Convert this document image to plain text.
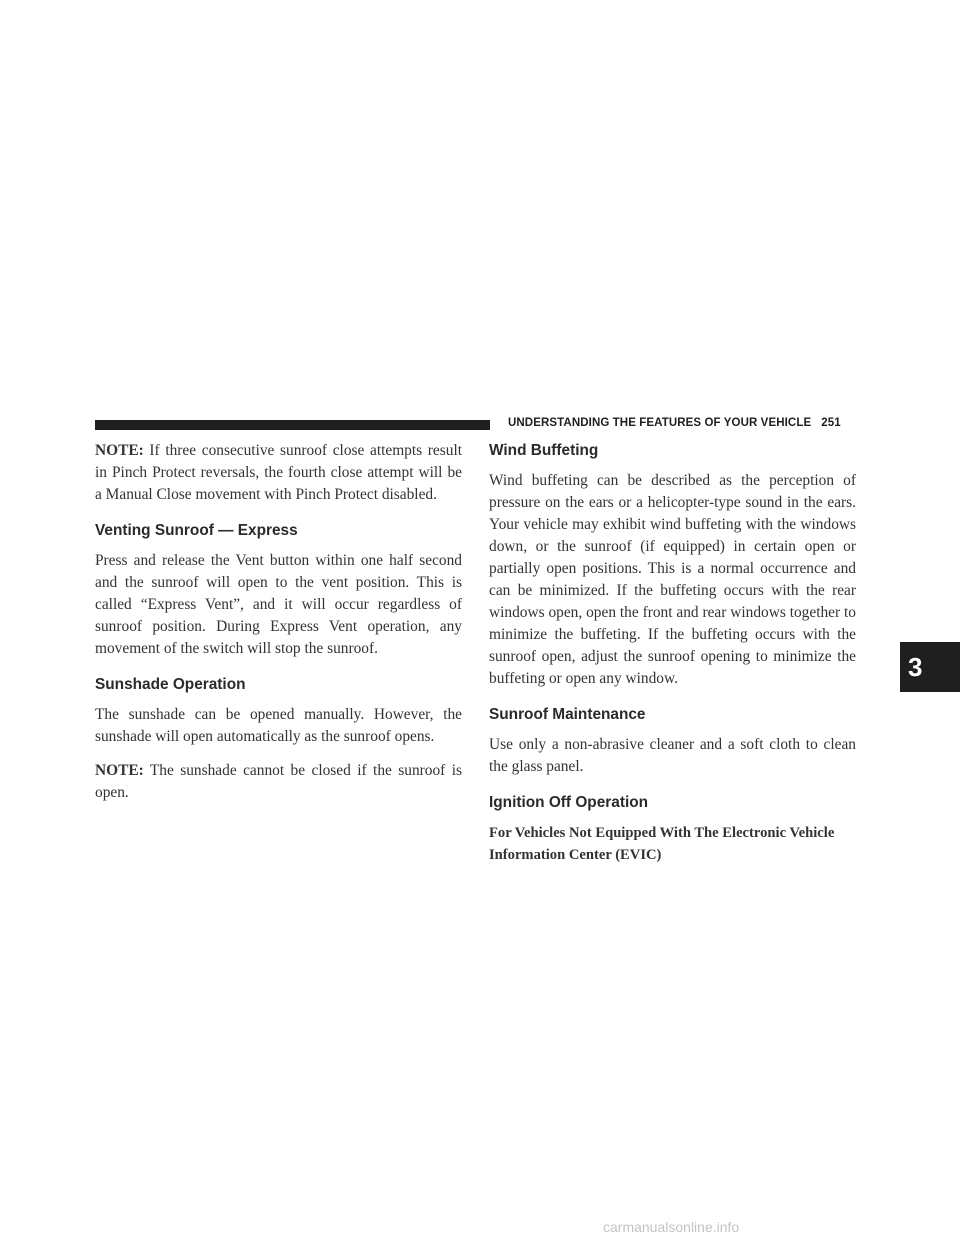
UNDERSTANDING THE FEATURES OF YOUR VEHICLE 251

NOTE: If three consecutive sunroof close attempts result in Pinch Protect reversals, the fourth close attempt will be a Manual Close movement with Pinch Protect disabled.

Venting Sunroof — Express

Press and release the Vent button within one half second and the sunroof will open to the vent position. This is called “Express Vent”, and it will occur regardless of sunroof position. During Express Vent operation, any movement of the switch will stop the sunroof.

Sunshade Operation

The sunshade can be opened manually. However, the sunshade will open automatically as the sunroof opens.

NOTE: The sunshade cannot be closed if the sunroof is open.

Wind Buffeting

Wind buffeting can be described as the perception of pressure on the ears or a helicopter-type sound in the ears. Your vehicle may exhibit wind buffeting with the windows down, or the sunroof (if equipped) in certain open or partially open positions. This is a normal occurrence and can be minimized. If the buffeting occurs with the rear windows open, open the front and rear windows together to minimize the buffeting. If the buffeting occurs with the sunroof open, adjust the sunroof opening to minimize the buffeting or open any window.

Sunroof Maintenance

Use only a non-abrasive cleaner and a soft cloth to clean the glass panel.

Ignition Off Operation

For Vehicles Not Equipped With The Electronic Vehicle Information Center (EVIC)

3
carmanualsonline.info
